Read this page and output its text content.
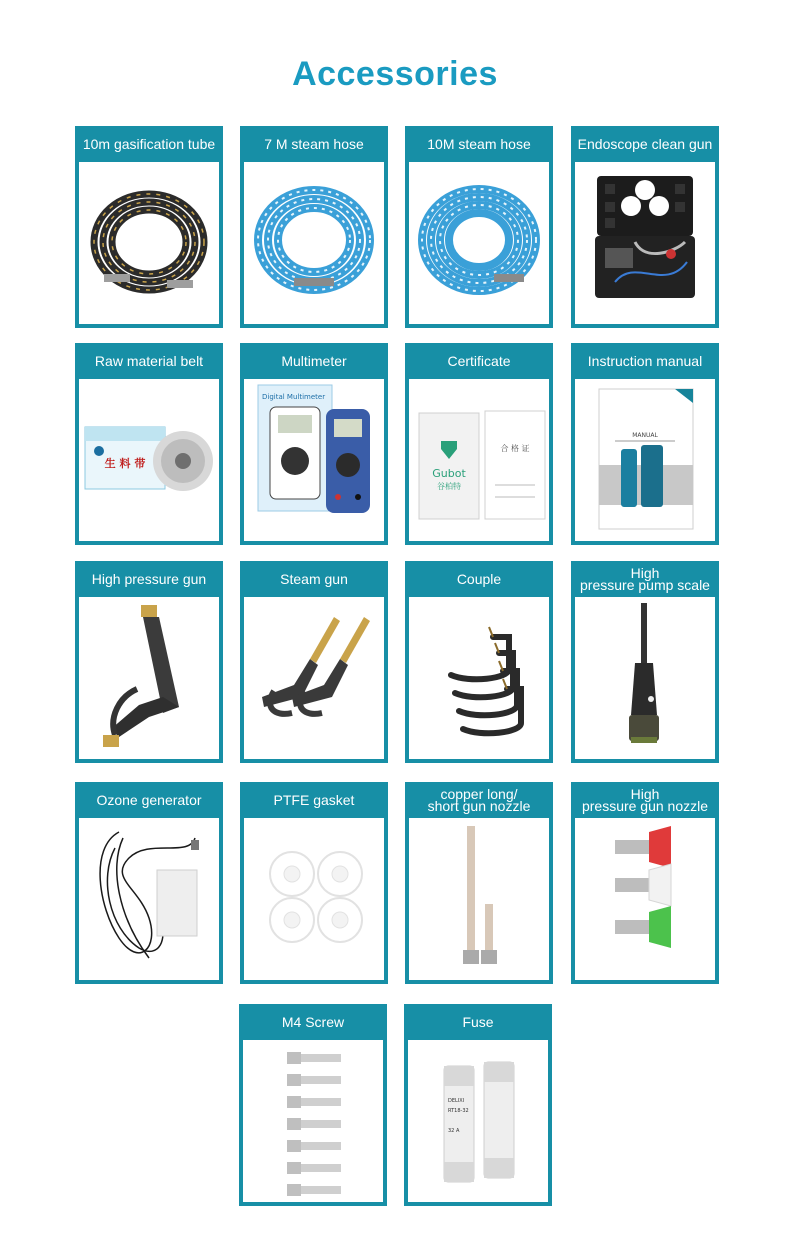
Accessories
10m gasification tube	7 M steam hose	10M steam hose	Endoscope clean gun
Raw material belt
生 料 带
Multimeter
Digital Multimeter
Certificate
Gubot
谷柏特
合 格 证
Instruction manual
MANUAL
High pressure gun	Steam gun	Couple	High
pressure pump scale
Ozone generator	PTFE gasket	copper long/
short gun nozzle
High
pressure gun nozzle
M4 Screw	Fuse
DELIXI
RT18-32
32 A
